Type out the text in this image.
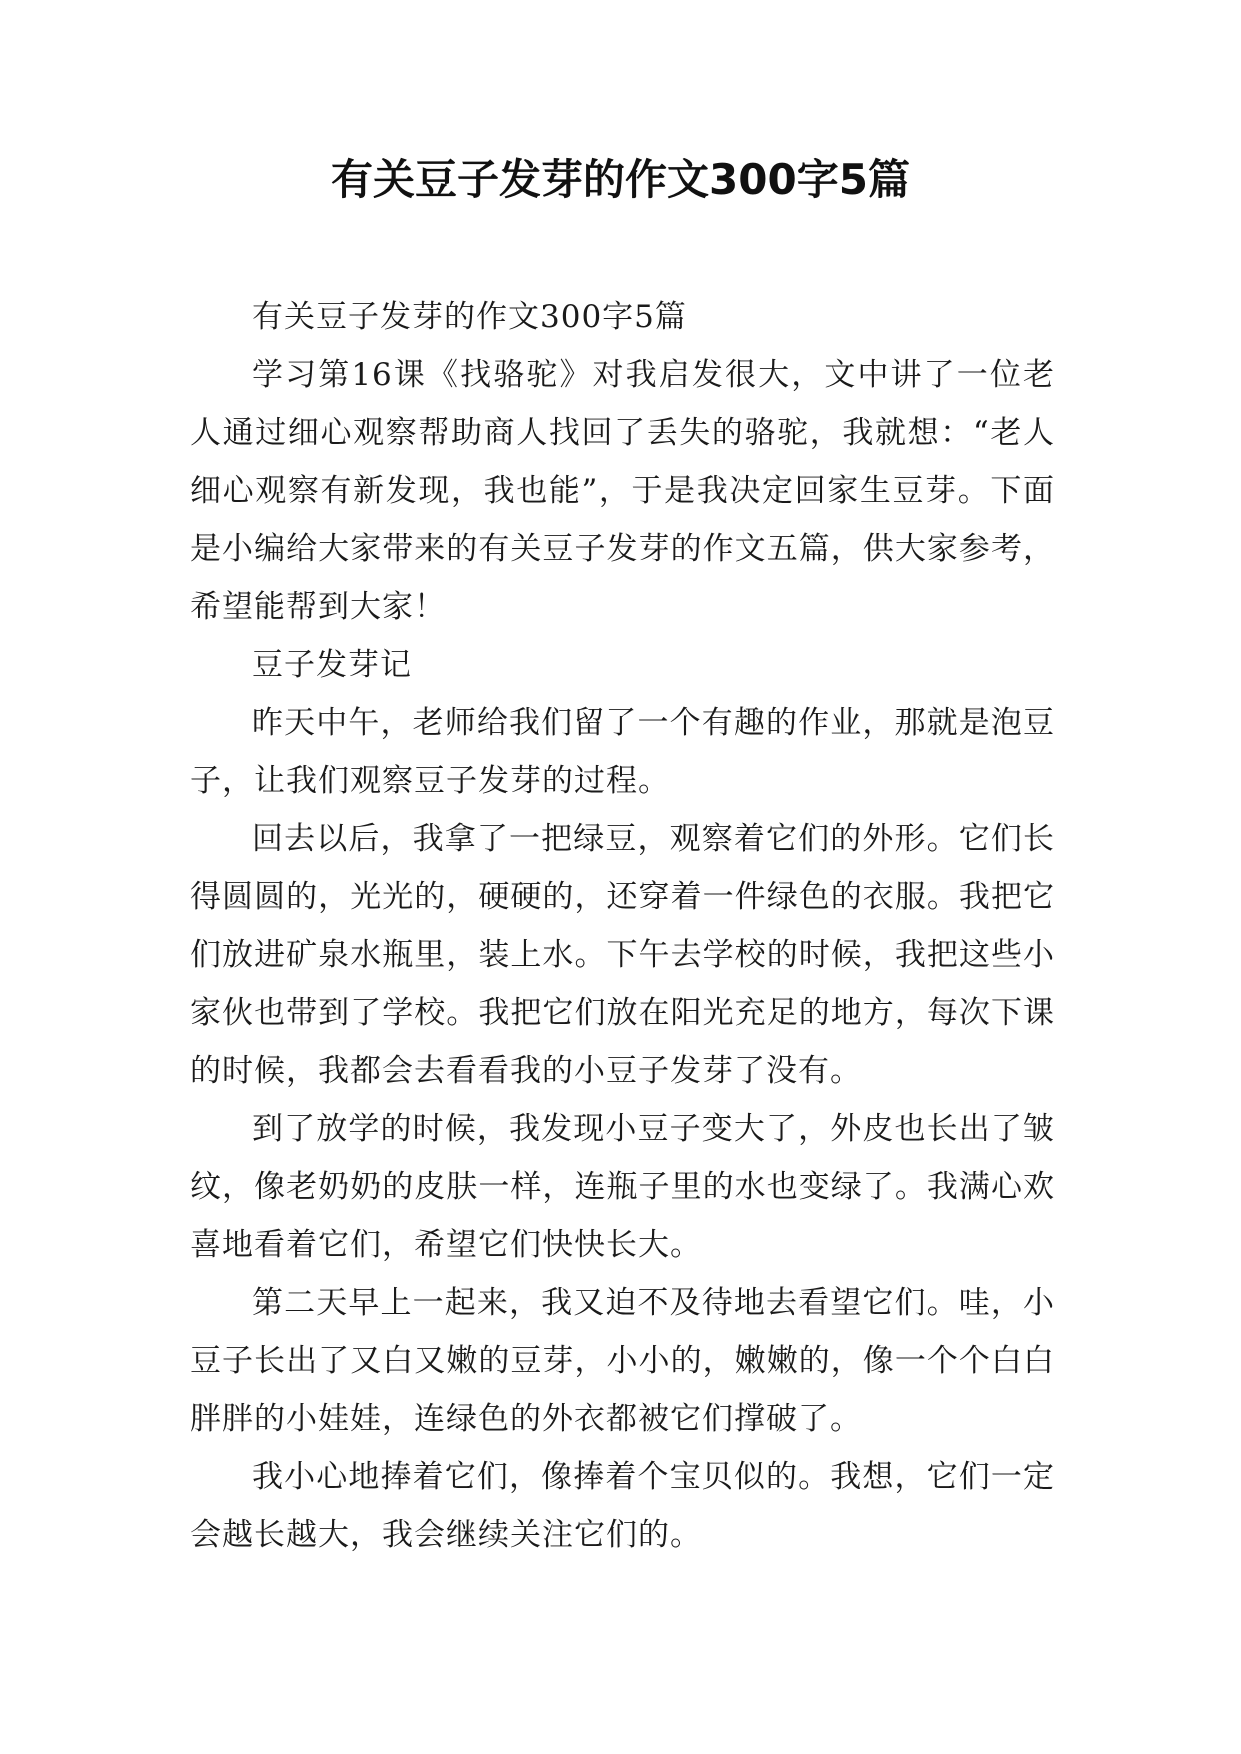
有关豆子发芽的作文300字5篇

有关豆子发芽的作文300字5篇

学习第16课《找骆驼》对我启发很大，文中讲了一位老人通过细心观察帮助商人找回了丢失的骆驼，我就想：“老人细心观察有新发现，我也能”，于是我决定回家生豆芽。下面是小编给大家带来的有关豆子发芽的作文五篇，供大家参考，希望能帮到大家！

豆子发芽记

昨天中午，老师给我们留了一个有趣的作业，那就是泡豆子，让我们观察豆子发芽的过程。

回去以后，我拿了一把绿豆，观察着它们的外形。它们长得圆圆的，光光的，硬硬的，还穿着一件绿色的衣服。我把它们放进矿泉水瓶里，装上水。下午去学校的时候，我把这些小家伙也带到了学校。我把它们放在阳光充足的地方，每次下课的时候，我都会去看看我的小豆子发芽了没有。

到了放学的时候，我发现小豆子变大了，外皮也长出了皱纹，像老奶奶的皮肤一样，连瓶子里的水也变绿了。我满心欢喜地看着它们，希望它们快快长大。

第二天早上一起来，我又迫不及待地去看望它们。哇，小豆子长出了又白又嫩的豆芽，小小的，嫩嫩的，像一个个白白胖胖的小娃娃，连绿色的外衣都被它们撑破了。

我小心地捧着它们，像捧着个宝贝似的。我想，它们一定会越长越大，我会继续关注它们的。
